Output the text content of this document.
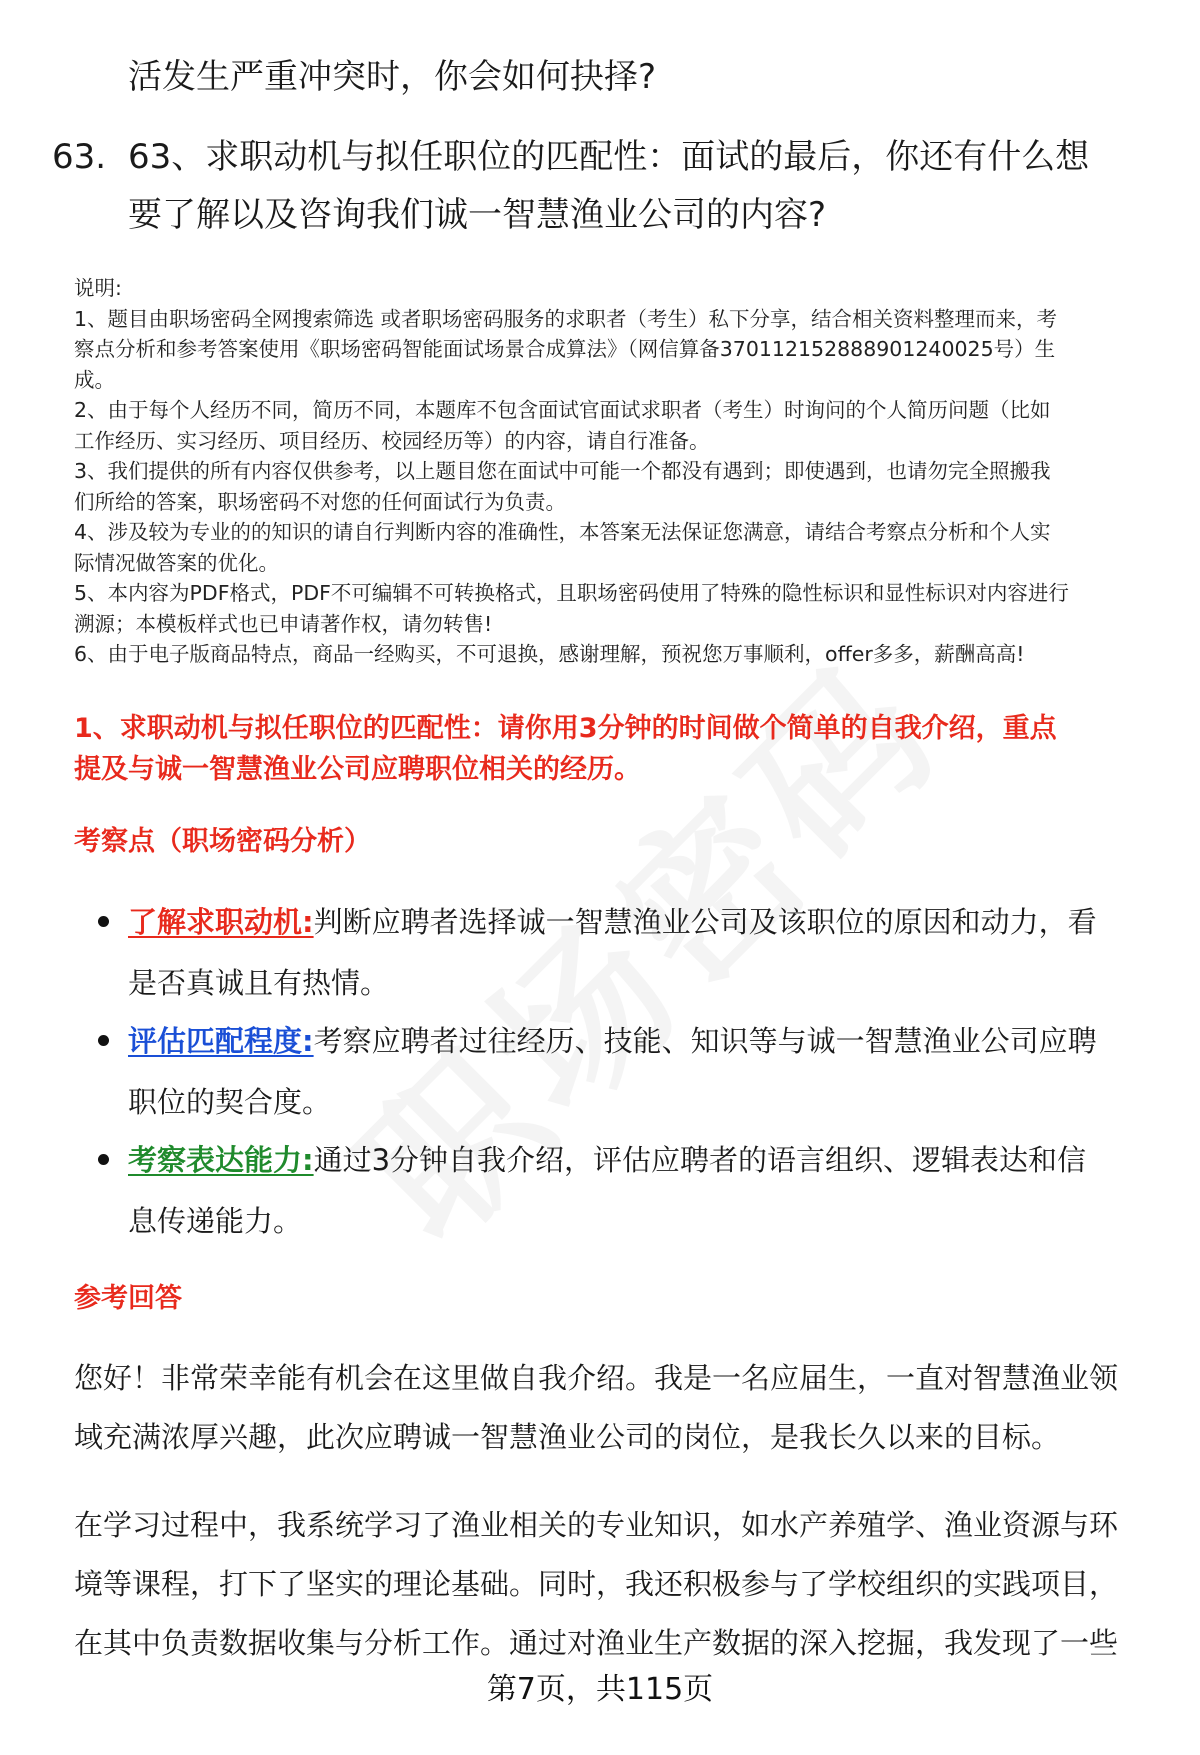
活发生严重冲突时，你会如何抉择?
63. 63、求职动机与拟任职位的匹配性：面试的最后，你还有什么想
要了解以及咨询我们诚一智慧渔业公司的内容?
说明:
1、题目由职场密码全网搜索筛选 或者职场密码服务的求职者（考生）私下分享，结合相关资料整理而来，考
察点分析和参考答案使用《职场密码智能面试场景合成算法》（网信算备370112152888901240025号）生
成。
2、由于每个人经历不同，简历不同，本题库不包含面试官面试求职者（考生）时询问的个人简历问题（比如
工作经历、实习经历、项目经历、校园经历等）的内容，请自行准备。
3、我们提供的所有内容仅供参考，以上题目您在面试中可能一个都没有遇到；即使遇到，也请勿完全照搬我
们所给的答案，职场密码不对您的任何面试行为负责。
4、涉及较为专业的的知识的请自行判断内容的准确性，本答案无法保证您满意，请结合考察点分析和个人实
际情况做答案的优化。
5、本内容为PDF格式，PDF不可编辑不可转换格式，且职场密码使用了特殊的隐性标识和显性标识对内容进行
溯源；本模板样式也已申请著作权，请勿转售!
6、由于电子版商品特点，商品一经购买，不可退换，感谢理解，预祝您万事顺利，offer多多，薪酬高高!
1、求职动机与拟任职位的匹配性：请你用3分钟的时间做个简单的自我介绍，重点
提及与诚一智慧渔业公司应聘职位相关的经历。
考察点（职场密码分析）
了解求职动机:判断应聘者选择诚一智慧渔业公司及该职位的原因和动力，看
是否真诚且有热情。
评估匹配程度:考察应聘者过往经历、技能、知识等与诚一智慧渔业公司应聘
职位的契合度。
考察表达能力:通过3分钟自我介绍，评估应聘者的语言组织、逻辑表达和信
息传递能力。
参考回答
您好！非常荣幸能有机会在这里做自我介绍。我是一名应届生，一直对智慧渔业领
域充满浓厚兴趣，此次应聘诚一智慧渔业公司的岗位，是我长久以来的目标。
在学习过程中，我系统学习了渔业相关的专业知识，如水产养殖学、渔业资源与环
境等课程，打下了坚实的理论基础。同时，我还积极参与了学校组织的实践项目，
在其中负责数据收集与分析工作。通过对渔业生产数据的深入挖掘，我发现了一些
第7页，共115页
